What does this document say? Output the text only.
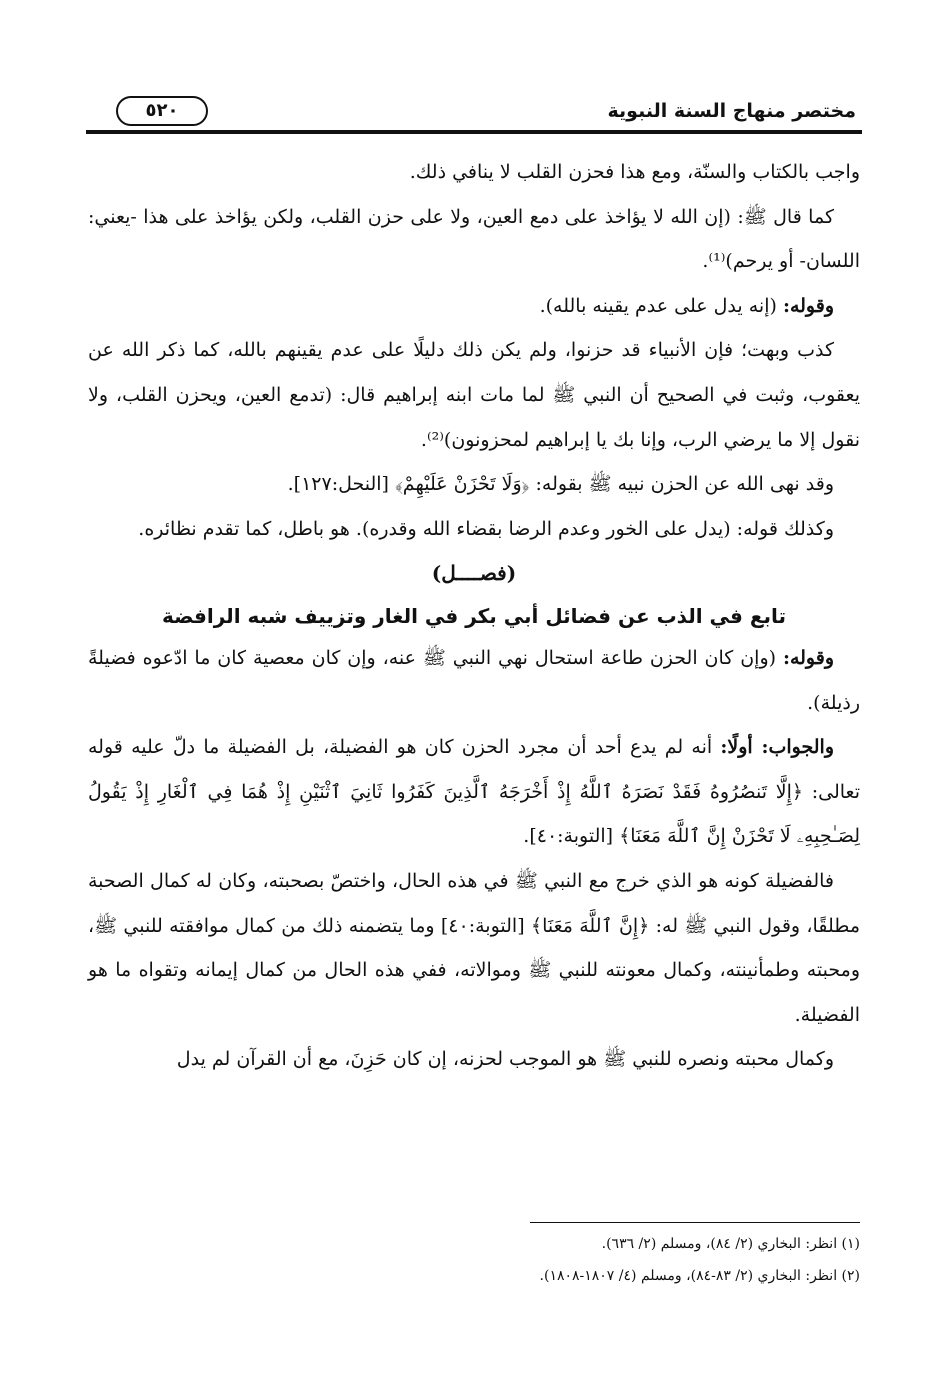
مختصر منهاج السنة النبوية
٥٢٠

واجب بالكتاب والسنّة، ومع هذا فحزن القلب لا ينافي ذلك.

كما قال ﷺ: (إن الله لا يؤاخذ على دمع العين، ولا على حزن القلب، ولكن يؤاخذ على هذا -يعني: اللسان- أو يرحم)⁽¹⁾.

وقوله: (إنه يدل على عدم يقينه بالله).

كذب وبهت؛ فإن الأنبياء قد حزنوا، ولم يكن ذلك دليلًا على عدم يقينهم بالله، كما ذكر الله عن يعقوب، وثبت في الصحيح أن النبي ﷺ لما مات ابنه إبراهيم قال: (تدمع العين، ويحزن القلب، ولا نقول إلا ما يرضي الرب، وإنا بك يا إبراهيم لمحزونون)⁽²⁾.

وقد نهى الله عن الحزن نبيه ﷺ بقوله: ﴿وَلَا تَحْزَنْ عَلَيْهِمْ﴾ [النحل:١٢٧].

وكذلك قوله: (يدل على الخور وعدم الرضا بقضاء الله وقدره). هو باطل، كما تقدم نظائره.

(فصــــل)

تابع في الذب عن فضائل أبي بكر في الغار وتزييف شبه الرافضة

وقوله: (وإن كان الحزن طاعة استحال نهي النبي ﷺ عنه، وإن كان معصية كان ما ادّعوه فضيلةً رذيلة).

والجواب: أولًا: أنه لم يدع أحد أن مجرد الحزن كان هو الفضيلة، بل الفضيلة ما دلّ عليه قوله تعالى: ﴿إِلَّا تَنصُرُوهُ فَقَدْ نَصَرَهُ ٱللَّهُ إِذْ أَخْرَجَهُ ٱلَّذِينَ كَفَرُوا ثَانِيَ ٱثْنَيْنِ إِذْ هُمَا فِي ٱلْغَارِ إِذْ يَقُولُ لِصَـٰحِبِهِۦ لَا تَحْزَنْ إِنَّ ٱللَّهَ مَعَنَا﴾ [التوبة:٤٠].

فالفضيلة كونه هو الذي خرج مع النبي ﷺ في هذه الحال، واختصّ بصحبته، وكان له كمال الصحبة مطلقًا، وقول النبي ﷺ له: ﴿إِنَّ ٱللَّهَ مَعَنَا﴾ [التوبة:٤٠] وما يتضمنه ذلك من كمال موافقته للنبي ﷺ، ومحبته وطمأنينته، وكمال معونته للنبي ﷺ وموالاته، ففي هذه الحال من كمال إيمانه وتقواه ما هو الفضيلة.

وكمال محبته ونصره للنبي ﷺ هو الموجب لحزنه، إن كان حَزِنَ، مع أن القرآن لم يدل

(١) انظر: البخاري (٢/ ٨٤)، ومسلم (٢/ ٦٣٦).

(٢) انظر: البخاري (٢/ ٨٣-٨٤)، ومسلم (٤/ ١٨٠٧-١٨٠٨).
